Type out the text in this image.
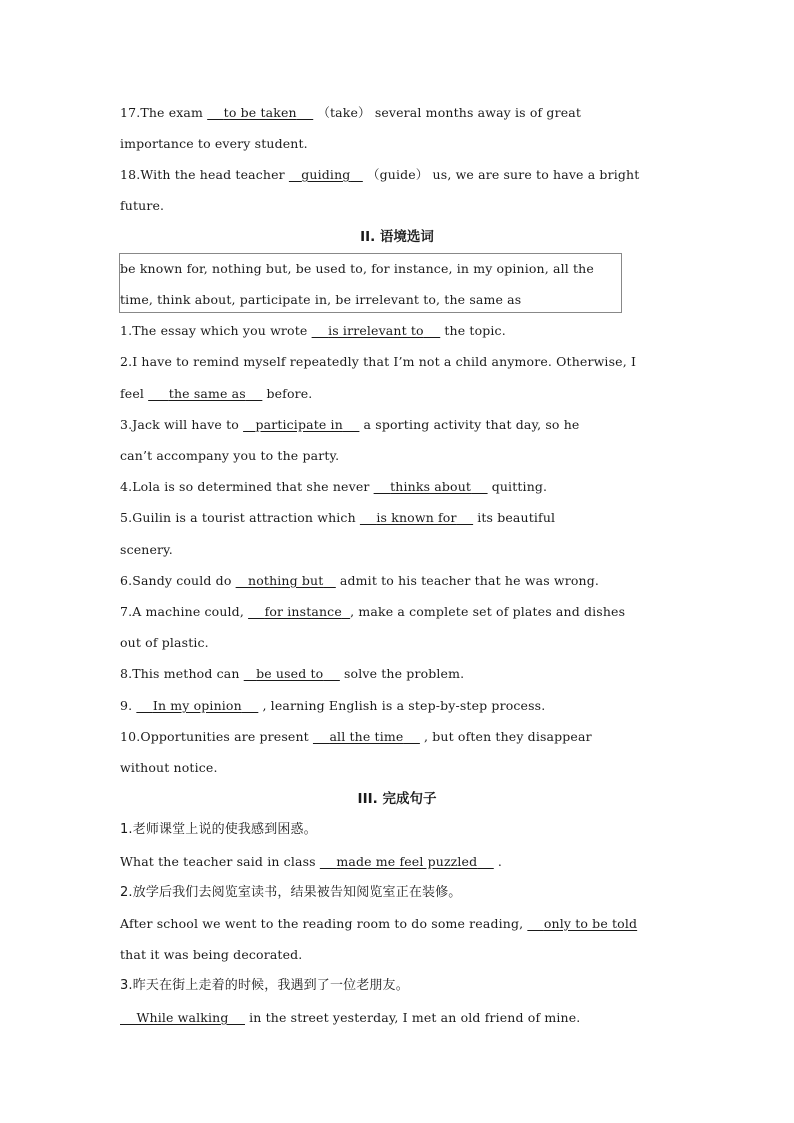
17.The exam to be taken （take） several months away is of great
importance to every student.
18.With the head teacher guiding （guide） us, we are sure to have a bright
future.
II. 语境选词
be known for, nothing but, be used to, for instance, in my opinion, all the
time, think about, participate in, be irrelevant to, the same as
1.The essay which you wrote is irrelevant to the topic.
2.I have to remind myself repeatedly that I’m not a child anymore. Otherwise, I
feel the same as before.
3.Jack will have to participate in a sporting activity that day, so he
can’t accompany you to the party.
4.Lola is so determined that she never thinks about quitting.
5.Guilin is a tourist attraction which is known for its beautiful
scenery.
6.Sandy could do nothing but admit to his teacher that he was wrong.
7.A machine could, for instance , make a complete set of plates and dishes
out of plastic.
8.This method can be used to solve the problem.
9. In my opinion , learning English is a step-by-step process.
10.Opportunities are present all the time , but often they disappear
without notice.
III. 完成句子
1.老师课堂上说的使我感到困惑。
What the teacher said in class made me feel puzzled .
2.放学后我们去阅览室读书，结果被告知阅览室正在装修。
After school we went to the reading room to do some reading, only to be told
that it was being decorated.
3.昨天在街上走着的时候，我遇到了一位老朋友。
While walking in the street yesterday, I met an old friend of mine.
